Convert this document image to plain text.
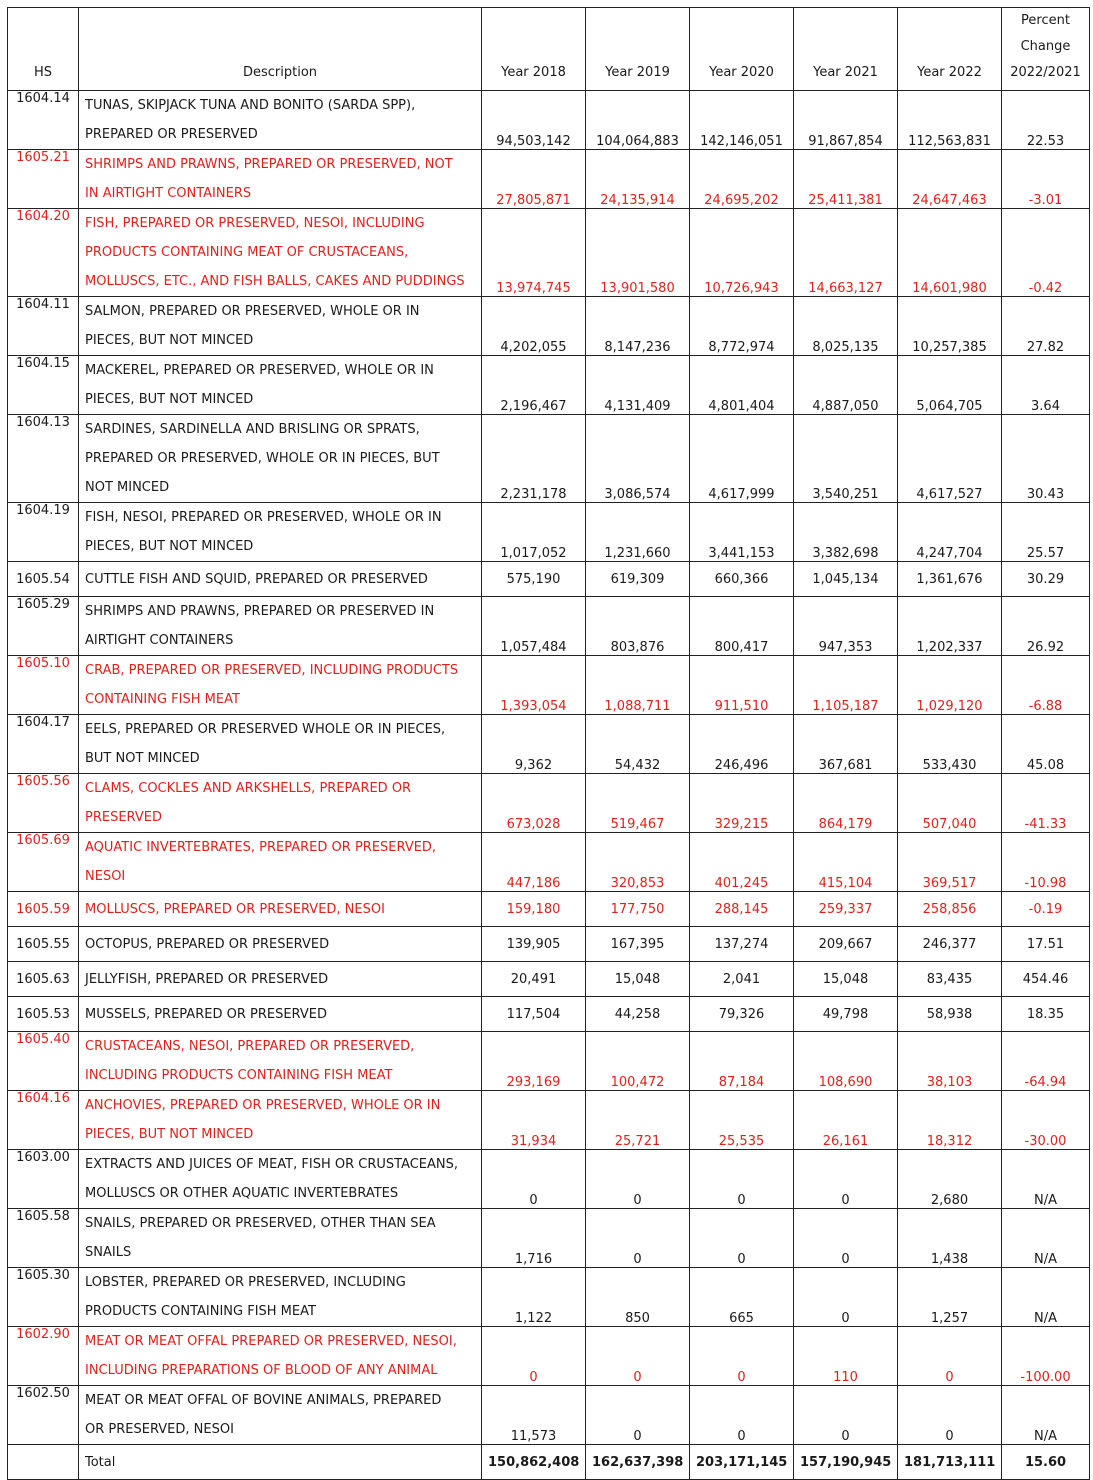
HS	Description	Year 2018	Year 2019	Year 2020	Year 2021	Year 2022	Percent
Change
2022/2021

1604.14	TUNAS, SKIPJACK TUNA AND BONITO (SARDA SPP),
PREPARED OR PRESERVED	94,503,142	104,064,883	142,146,051	91,867,854	112,563,831	22.53
1605.21	SHRIMPS AND PRAWNS, PREPARED OR PRESERVED, NOT
IN AIRTIGHT CONTAINERS	27,805,871	24,135,914	24,695,202	25,411,381	24,647,463	-3.01
1604.20	FISH, PREPARED OR PRESERVED, NESOI, INCLUDING
PRODUCTS CONTAINING MEAT OF CRUSTACEANS,
MOLLUSCS, ETC., AND FISH BALLS, CAKES AND PUDDINGS	13,974,745	13,901,580	10,726,943	14,663,127	14,601,980	-0.42
1604.11	SALMON, PREPARED OR PRESERVED, WHOLE OR IN
PIECES, BUT NOT MINCED	4,202,055	8,147,236	8,772,974	8,025,135	10,257,385	27.82
1604.15	MACKEREL, PREPARED OR PRESERVED, WHOLE OR IN
PIECES, BUT NOT MINCED	2,196,467	4,131,409	4,801,404	4,887,050	5,064,705	3.64
1604.13	SARDINES, SARDINELLA AND BRISLING OR SPRATS,
PREPARED OR PRESERVED, WHOLE OR IN PIECES, BUT
NOT MINCED	2,231,178	3,086,574	4,617,999	3,540,251	4,617,527	30.43
1604.19	FISH, NESOI, PREPARED OR PRESERVED, WHOLE OR IN
PIECES, BUT NOT MINCED	1,017,052	1,231,660	3,441,153	3,382,698	4,247,704	25.57
1605.54	CUTTLE FISH AND SQUID, PREPARED OR PRESERVED	575,190	619,309	660,366	1,045,134	1,361,676	30.29
1605.29	SHRIMPS AND PRAWNS, PREPARED OR PRESERVED IN
AIRTIGHT CONTAINERS	1,057,484	803,876	800,417	947,353	1,202,337	26.92
1605.10	CRAB, PREPARED OR PRESERVED, INCLUDING PRODUCTS
CONTAINING FISH MEAT	1,393,054	1,088,711	911,510	1,105,187	1,029,120	-6.88
1604.17	EELS, PREPARED OR PRESERVED WHOLE OR IN PIECES,
BUT NOT MINCED	9,362	54,432	246,496	367,681	533,430	45.08
1605.56	CLAMS, COCKLES AND ARKSHELLS, PREPARED OR
PRESERVED	673,028	519,467	329,215	864,179	507,040	-41.33
1605.69	AQUATIC INVERTEBRATES, PREPARED OR PRESERVED,
NESOI	447,186	320,853	401,245	415,104	369,517	-10.98
1605.59	MOLLUSCS, PREPARED OR PRESERVED, NESOI	159,180	177,750	288,145	259,337	258,856	-0.19
1605.55	OCTOPUS, PREPARED OR PRESERVED	139,905	167,395	137,274	209,667	246,377	17.51
1605.63	JELLYFISH, PREPARED OR PRESERVED	20,491	15,048	2,041	15,048	83,435	454.46
1605.53	MUSSELS, PREPARED OR PRESERVED	117,504	44,258	79,326	49,798	58,938	18.35
1605.40	CRUSTACEANS, NESOI, PREPARED OR PRESERVED,
INCLUDING PRODUCTS CONTAINING FISH MEAT	293,169	100,472	87,184	108,690	38,103	-64.94
1604.16	ANCHOVIES, PREPARED OR PRESERVED, WHOLE OR IN
PIECES, BUT NOT MINCED	31,934	25,721	25,535	26,161	18,312	-30.00
1603.00	EXTRACTS AND JUICES OF MEAT, FISH OR CRUSTACEANS,
MOLLUSCS OR OTHER AQUATIC INVERTEBRATES	0	0	0	0	2,680	N/A
1605.58	SNAILS, PREPARED OR PRESERVED, OTHER THAN SEA
SNAILS	1,716	0	0	0	1,438	N/A
1605.30	LOBSTER, PREPARED OR PRESERVED, INCLUDING
PRODUCTS CONTAINING FISH MEAT	1,122	850	665	0	1,257	N/A
1602.90	MEAT OR MEAT OFFAL PREPARED OR PRESERVED, NESOI,
INCLUDING PREPARATIONS OF BLOOD OF ANY ANIMAL	0	0	0	110	0	-100.00
1602.50	MEAT OR MEAT OFFAL OF BOVINE ANIMALS, PREPARED
OR PRESERVED, NESOI	11,573	0	0	0	0	N/A
	Total	150,862,408	162,637,398	203,171,145	157,190,945	181,713,111	15.60
